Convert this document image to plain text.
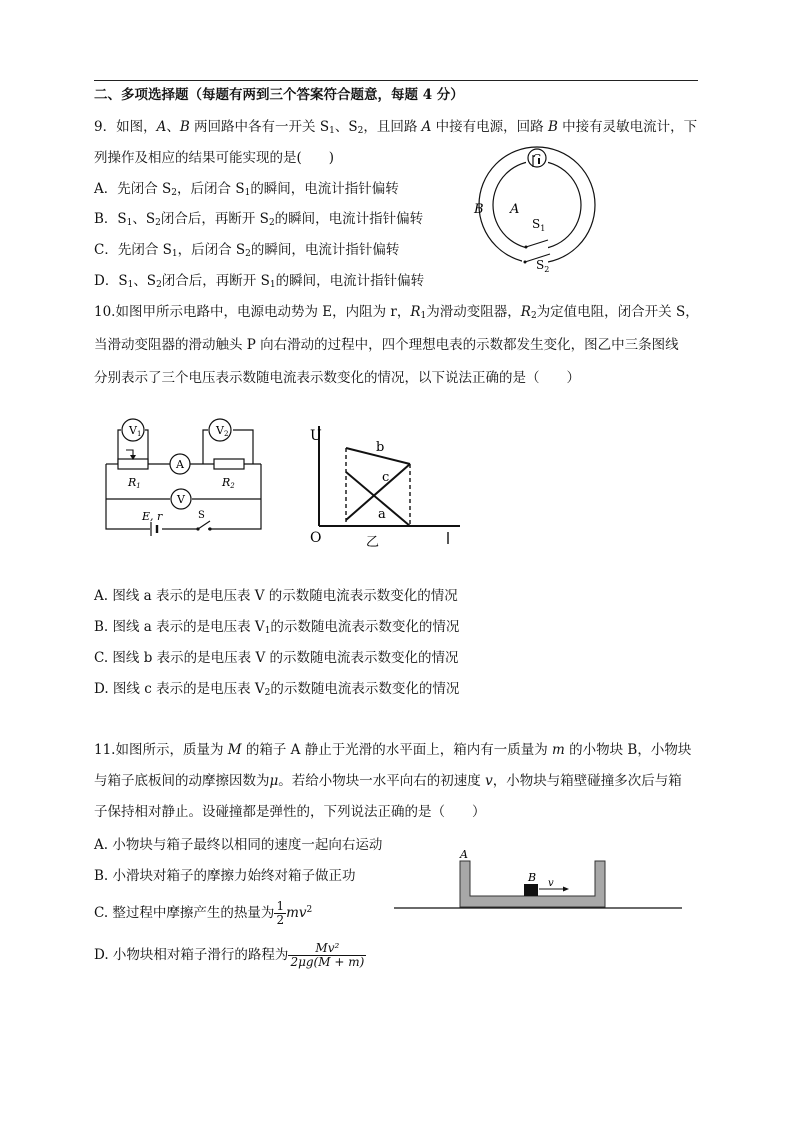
二、多项选择题（每题有两到三个答案符合题意，每题 4 分）
9．如图，A、B 两回路中各有一开关 $S_1$、$S_2$，且回路 A 中接有电源，回路 B 中接有灵敏电流计，下
列操作及相应的结果可能实现的是(　　)
A．先闭合 $S_2$，后闭合 $S_1$的瞬间，电流计指针偏转
B．$S_1$、$S_2$闭合后，再断开 $S_2$的瞬间，电流计指针偏转
C．先闭合 $S_1$，后闭合 $S_2$的瞬间，电流计指针偏转
D．$S_1$、$S_2$闭合后，再断开 $S_1$的瞬间，电流计指针偏转
B A
$S_1$
$S_2$
10.如图甲所示电路中，电源电动势为 E，内阻为 r，$R_1$为滑动变阻器，$R_2$为定值电阻，闭合开关 S，
当滑动变阻器的滑动触头 P 向右滑动的过程中，四个理想电表的示数都发生变化，图乙中三条图线
分别表示了三个电压表示数随电流表示数变化的情况，以下说法正确的是（　　）
V1	V2
A
V
R1	R2
E, r	S
U
O
b
c
a
乙
A. 图线 a 表示的是电压表 V 的示数随电流表示数变化的情况
B. 图线 a 表示的是电压表 $V_1$的示数随电流表示数变化的情况
C. 图线 b 表示的是电压表 V 的示数随电流表示数变化的情况
D. 图线 c 表示的是电压表 $V_2$的示数随电流表示数变化的情况
11.如图所示，质量为 M 的箱子 A 静止于光滑的水平面上，箱内有一质量为 m 的小物块 B，小物块
与箱子底板间的动摩擦因数为μ。若给小物块一水平向右的初速度 v，小物块与箱壁碰撞多次后与箱
子保持相对静止。设碰撞都是弹性的，下列说法正确的是（　　）
A. 小物块与箱子最终以相同的速度一起向右运动
B. 小滑块对箱子的摩擦力始终对箱子做正功
C. 整过程中摩擦产生的热量为 $\frac{1}{2} mv^2$
D. 小物块相对箱子滑行的路程为 $\frac{\text{Mv²}}{2\mu g(M + m)}$
A
B v
